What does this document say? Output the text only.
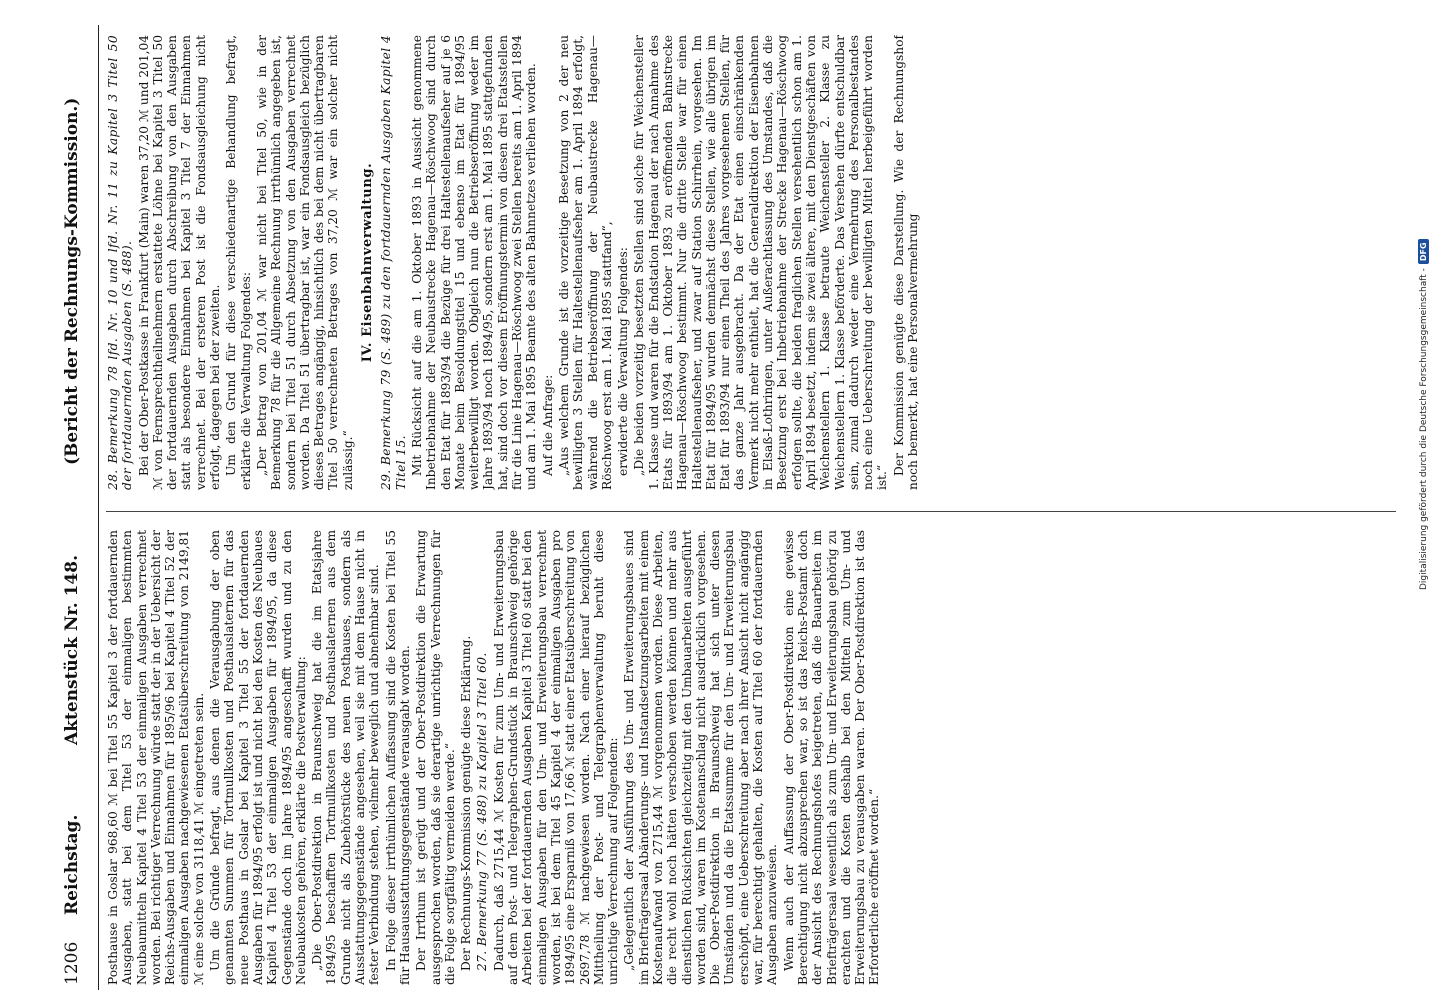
1206
Reichstag.
Aktenstück Nr. 148.
(Bericht der Rechnungs-Kommission.)

Posthause in Goslar 968,60 ℳ bei Titel 55 Kapitel 3 der fortdauernden Ausgaben, statt bei dem Titel 53 der einmaligen bestimmten Neubaumitteln Kapitel 4 Titel 53 der einmaligen Ausgaben verrechnet worden. Bei richtiger Verrechnung würde statt der in der Uebersicht der Reichs-Ausgaben und Einnahmen für 1895/96 bei Kapitel 4 Titel 52 der einmaligen Ausgaben nachgewiesenen Etatsüberschreitung von 2149,81 ℳ eine solche von 3118,41 ℳ eingetreten sein. Um die Gründe befragt, aus denen die Verausgabung der oben genannten Summen für Tortmullkosten und Posthauslaternen für das neue Posthaus in Goslar bei Kapitel 3 Titel 55 der fortdauernden Ausgaben für 1894/95 erfolgt ist und nicht bei den Kosten des Neubaues Kapitel 4 Titel 53 der einmaligen Ausgaben für 1894/95, da diese Gegenstände doch im Jahre 1894/95 angeschafft wurden und zu den Neubaukosten gehören, erklärte die Postverwaltung: „Die Ober-Postdirektion in Braunschweig hat die im Etatsjahre 1894/95 beschafften Tortmullkosten und Posthauslaternen aus dem Grunde nicht als Zubehörstücke des neuen Posthauses, sondern als Ausstattungsgegenstände angesehen, weil sie mit dem Hause nicht in fester Verbindung stehen, vielmehr beweglich und abnehmbar sind. In Folge dieser irrthümlichen Auffassung sind die Kosten bei Titel 55 für Hausausstattungsgegenstände verausgabt worden. Der Irrthum ist gerügt und der Ober-Postdirektion die Erwartung ausgesprochen worden, daß sie derartige unrichtige Verrechnungen für die Folge sorgfältig vermeiden werde.“ Der Rechnungs-Kommission genügte diese Erklärung. 27. Bemerkung 77 (S. 488) zu Kapitel 3 Titel 60. Dadurch, daß 2715,44 ℳ Kosten für zum Um- und Erweiterungsbau auf dem Post- und Telegraphen-Grundstück in Braunschweig gehörige Arbeiten bei der fortdauernden Ausgaben Kapitel 3 Titel 60 statt bei den einmaligen Ausgaben für den Um- und Erweiterungsbau verrechnet worden, ist bei dem Titel 45 Kapitel 4 der einmaligen Ausgaben pro 1894/95 eine Ersparniß von 17,66 ℳ statt einer Etatsüberschreitung von 2697,78 ℳ nachgewiesen worden. Nach einer hierauf bezüglichen Mittheilung der Post- und Telegraphenverwaltung beruht diese unrichtige Verrechnung auf Folgendem: „Gelegentlich der Ausführung des Um- und Erweiterungsbaues sind im Briefträgersaal Abänderungs- und Instandsetzungsarbeiten mit einem Kostenaufwand von 2715,44 ℳ vorgenommen worden. Diese Arbeiten, die recht wohl noch hätten verschoben werden können und mehr aus dienstlichen Rücksichten gleichzeitig mit den Umbauarbeiten ausgeführt worden sind, waren im Kostenanschlag nicht ausdrücklich vorgesehen. Die Ober-Postdirektion in Braunschweig hat sich unter diesen Umständen und da die Etatssumme für den Um- und Erweiterungsbau erschöpft, eine Ueberschreitung aber nach ihrer Ansicht nicht angängig war, für berechtigt gehalten, die Kosten auf Titel 60 der fortdauernden Ausgaben anzuweisen. Wenn auch der Auffassung der Ober-Postdirektion eine gewisse Berechtigung nicht abzusprechen war, so ist das Reichs-Postamt doch der Ansicht des Rechnungshofes beigetreten, daß die Bauarbeiten im Briefträgersaal wesentlich als zum Um- und Erweiterungsbau gehörig zu erachten und die Kosten deshalb bei den Mitteln zum Um- und Erweiterungsbau zu verausgaben waren. Der Ober-Postdirektion ist das Erforderliche eröffnet worden.“

28. Bemerkung 78 lfd. Nr. 10 und lfd. Nr. 11 zu Kapitel 3 Titel 50 der fortdauernden Ausgaben (S. 488). Bei der Ober-Postkasse in Frankfurt (Main) waren 37,20 ℳ und 201,04 ℳ von Fernsprechtheilnehmern erstattete Löhne bei Kapitel 3 Titel 50 der fortdauernden Ausgaben durch Abschreibung von den Ausgaben statt als besondere Einnahmen bei Kapitel 3 Titel 7 der Einnahmen verrechnet. Bei der ersteren Post ist die Fondsausgleichung nicht erfolgt, dagegen bei der zweiten. Um den Grund für diese verschiedenartige Behandlung befragt, erklärte die Verwaltung Folgendes: „Der Betrag von 201,04 ℳ war nicht bei Titel 50, wie in der Bemerkung 78 für die Allgemeine Rechnung irrthümlich angegeben ist, sondern bei Titel 51 durch Absetzung von den Ausgaben verrechnet worden. Da Titel 51 übertragbar ist, war ein Fondsausgleich bezüglich dieses Betrages angängig, hinsichtlich des bei dem nicht übertragbaren Titel 50 verrechneten Betrages von 37,20 ℳ war ein solcher nicht zulässig.“

IV. Eisenbahnverwaltung. 29. Bemerkung 79 (S. 489) zu den fortdauernden Ausgaben Kapitel 4 Titel 15. Mit Rücksicht auf die am 1. Oktober 1893 in Aussicht genommene Inbetriebnahme der Neubaustrecke Hagenau—Röschwoog sind durch den Etat für 1893/94 die Bezüge für drei Haltestellenaufseher auf je 6 Monate beim Besoldungstitel 15 und ebenso im Etat für 1894/95 weiterbewilligt worden. Obgleich nun die Betriebseröffnung weder im Jahre 1893/94 noch 1894/95, sondern erst am 1. Mai 1895 stattgefunden hat, sind doch vor diesem Eröffnungstermin von diesen drei Etatsstellen für die Linie Hagenau—Röschwoog zwei Stellen bereits am 1. April 1894 und am 1. Mai 1895 Beamte des alten Bahnnetzes verliehen worden. Auf die Anfrage: „Aus welchem Grunde ist die vorzeitige Besetzung von 2 der neu bewilligten 3 Stellen für Haltestellenaufseher am 1. April 1894 erfolgt, während die Betriebseröffnung der Neubaustrecke Hagenau—Röschwoog erst am 1. Mai 1895 stattfand“, erwiderte die Verwaltung Folgendes: „Die beiden vorzeitig besetzten Stellen sind solche für Weichensteller 1. Klasse und waren für die Endstation Hagenau der nach Annahme des Etats für 1893/94 am 1. Oktober 1893 zu eröffnenden Bahnstrecke Hagenau—Röschwoog bestimmt. Nur die dritte Stelle war für einen Haltestellenaufseher, und zwar auf Station Schirrhein, vorgesehen. Im Etat für 1894/95 wurden demnächst diese Stellen, wie alle übrigen im Etat für 1893/94 nur einen Theil des Jahres vorgesehenen Stellen, für das ganze Jahr ausgebracht. Da der Etat einen einschränkenden Vermerk nicht mehr enthielt, hat die Generaldirektion der Eisenbahnen in Elsaß-Lothringen, unter Außerachtlassung des Umstandes, daß die Besetzung erst bei Inbetriebnahme der Strecke Hagenau—Röschwoog erfolgen sollte, die beiden fraglichen Stellen versehentlich schon am 1. April 1894 besetzt, indem sie zwei ältere, mit den Dienstgeschäften von Weichenstellern 1. Klasse betraute Weichensteller 2. Klasse zu Weichenstellern 1. Klasse beförderte. Das Versehen dürfte entschuldbar sein, zumal dadurch weder eine Vermehrung des Personalbestandes noch eine Ueberschreitung der bewilligten Mittel herbeigeführt worden ist.“

Der Kommission genügte diese Darstellung. Wie der Rechnungshof noch bemerkt, hat eine Personalvermehrung	Digitalisierung gefördert durch die Deutsche Forschungsgemeinschaft -
DFG
